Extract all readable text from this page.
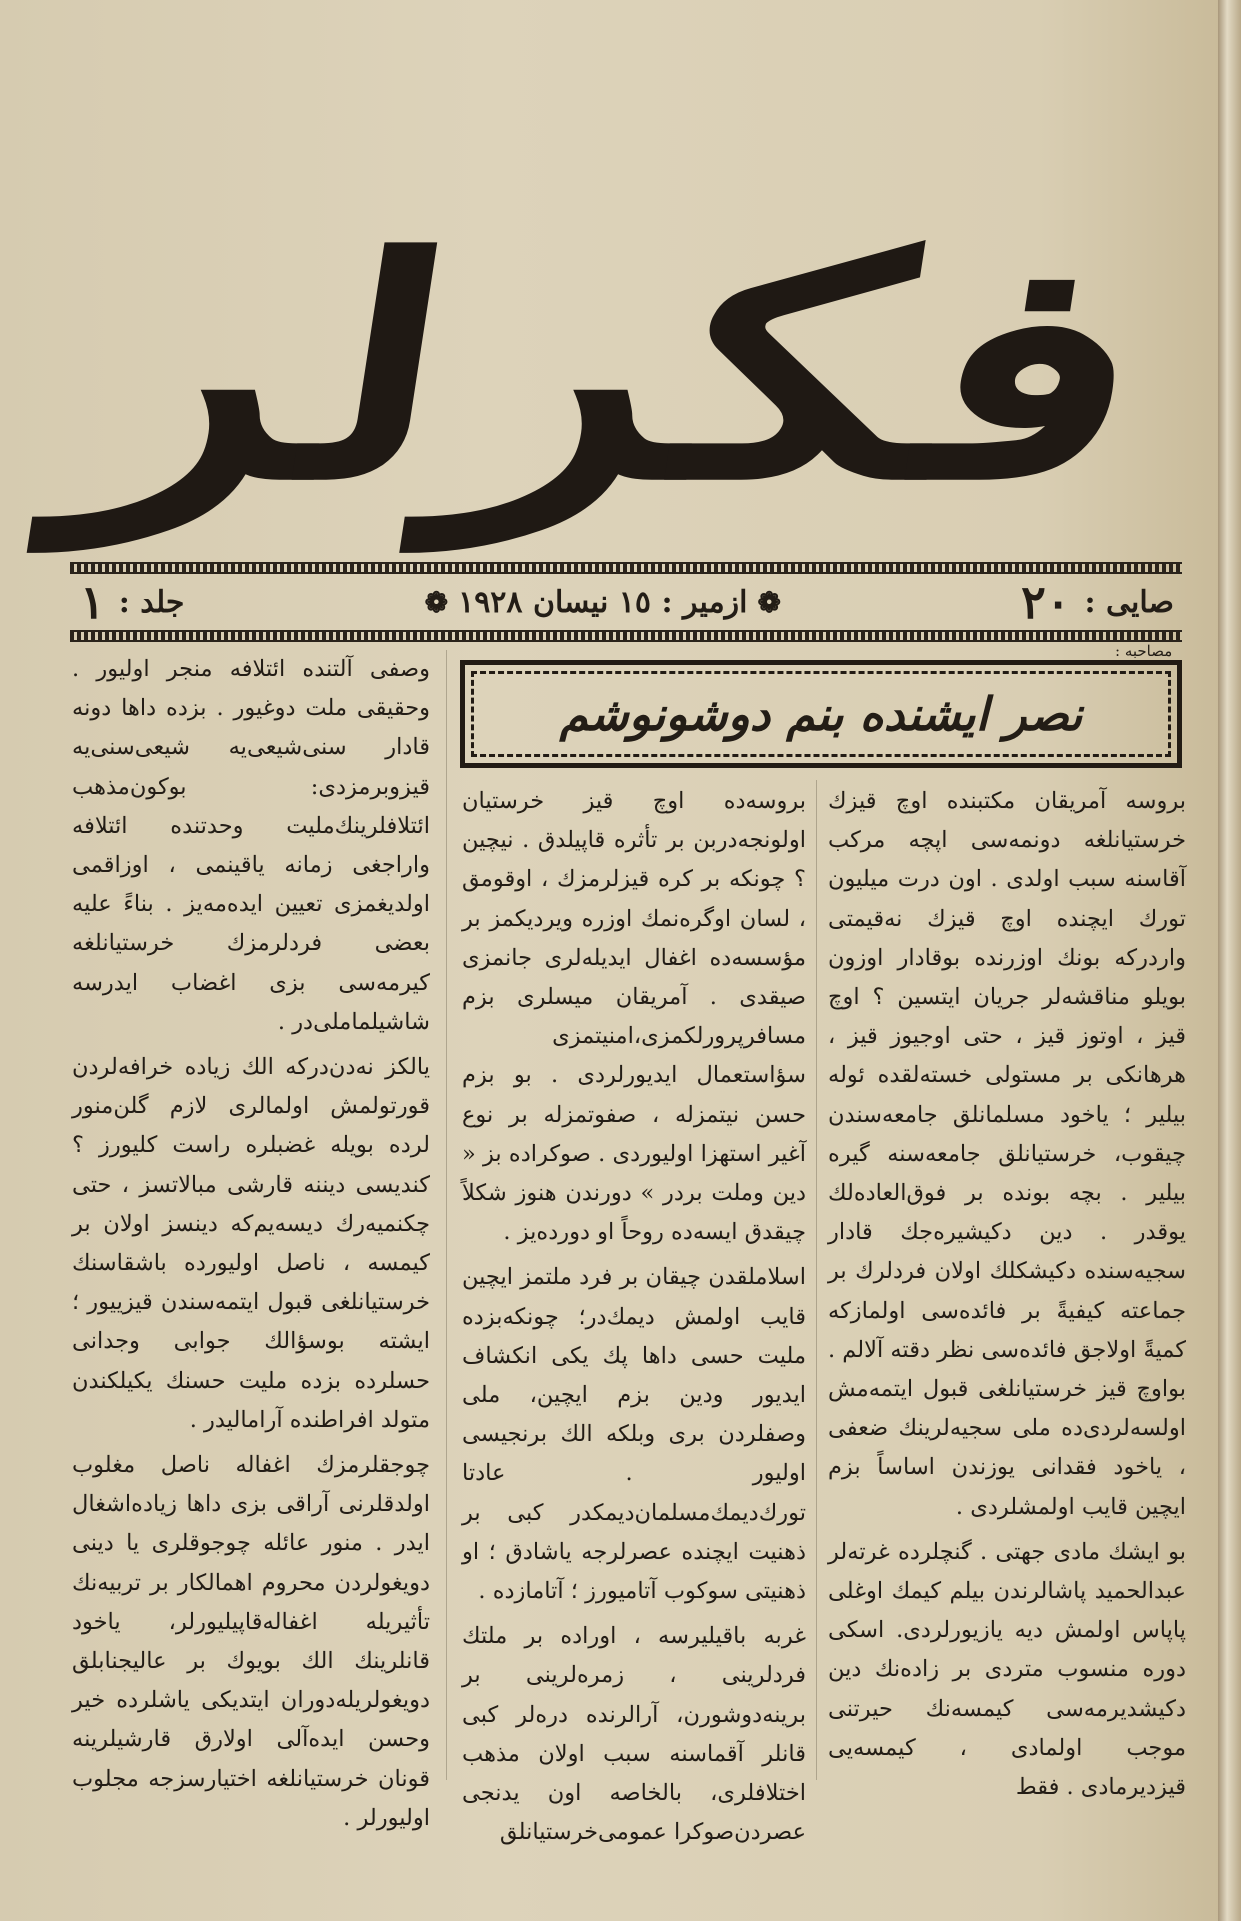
فکرلر
صایی :
٢٠
❁
ازمیر : ١٥ نیسان ١٩٢٨
❁
جلد :
١
مصاحبه :
نصر ایشنده بنم دوشونوشم

بروسه آمریقان مکتبنده اوچ قیزك خرستیانلغه دونمه‌سی اپچه مرکب آقاسنه سبب اولدی . اون درت میلیون تورك ایچنده اوچ قیزك نه‌قیمتی واردرکه بونك اوزرنده بوقادار اوزون بویلو مناقشه‌لر جریان ایتسین ؟ اوچ قیز ، اوتوز قیز ، حتی اوجیوز قیز ، هرهانکی بر مستولی خسته‌لقده ئوله بیلیر ؛ یاخود مسلمانلق جامعه‌سندن چیقوب، خرستیانلق جامعه‌سنه گیره بیلیر . بچه بونده بر فوق‌العاده‌لك یوقدر . دین دکیشیرەجك قادار سجیه‌سنده دکیشکلك اولان فردلرك بر جماعته کیفیةً بر فائده‌سی اولمازکه کمیةً اولاجق فائده‌سی نظر دقته آلالم . بواوچ قیز خرستیانلغی قبول ایتمه‌مش اولسه‌لردی‌ده ملی سجیه‌لرینك ضعفی ، یاخود فقدانی یوزندن اساساً بزم ایچین قایب اولمشلردی .

بو ایشك مادی جهتی . گنچلرده غرته‌لر عبدالحمید پاشالرندن بیلم کیمك اوغلی پاپاس اولمش دیه یازیورلردی. اسکی دوره منسوب متردی بر زاده‌نك دین دکیشدیرمه‌سی کیمسه‌نك حیرتنی موجب اولمادی ، کیمسه‌یی قیزدیرمادی . فقط

بروسه‌ده اوچ قیز خرستیان اولونجه‌دربن بر تأثره قاپیلدق . نیچین ؟ چونکه بر کره قیزلرمزك ، اوقومق ، لسان اوگرەنمك اوزره ویردیکمز بر مؤسسه‌ده اغفال ایدیله‌لری جانمزی صیقدی . آمریقان میسلری بزم مسافرپرورلکمزی،امنیتمزی سؤاستعمال ایدیورلردی . بو بزم حسن نیتمزله ، صفوتمزله بر نوع آغیر استهزا اولیوردی . صوکراده بز « دین وملت بردر » دورندن هنوز شکلاً چیقدق ایسه‌ده روحاً او دورده‌یز .

اسلاملقدن چیقان بر فرد ملتمز ایچین قایب اولمش دیمك‌در؛ چونکه‌بزده ملیت حسی داها پك یکی انکشاف ایدیور ودین بزم ایچین، ملی وصفلردن بری وبلکه الك برنجیسی اولیور . عادتا تورك‌دیمك‌مسلمان‌دیمکدر کبی بر ذهنیت ایچنده عصرلرجه یاشادق ؛ او ذهنیتی سوكوب آتامیورز ؛ آتامازده .

غربه باقیلیرسه ، اوراده بر ملتك فردلرینی ، زمره‌لرینی بر برینه‌دوشورن، آرالرنده دره‌لر کبی قانلر آقماسنه سبب اولان مذهب اختلافلری، بالخاصه اون یدنجی عصردن‌صوکرا عمومی‌خرستیانلق

وصفی آلتنده ائتلافه منجر اولیور . وحقیقی ملت دوغیور . بزده داها دونه قادار سنی‌شیعی‌یه شیعی‌سنی‌یه قیزوبرمزدی: بوکون‌مذهب ائتلافلرینك‌ملیت وحدتنده ائتلافه واراجغی زمانه یاقینمی ، اوزاقمی اولدیغمزی تعیین ایده‌مه‌یز . بناءً علیه بعضی فردلرمزك خرستیانلغه کیرمه‌سی بزی اغضاب ایدرسه شاشیلماملی‌در .

یالکز نه‌دن‌درکه الك زیاده خرافه‌لردن قورتولمش اولمالری لازم گلن‌منور لرده بویله غضبلره راست کلیورز ؟ کندیسی دیننه قارشی مبالاتسز ، حتی چکنمیه‌رك دیسه‌یم‌که دینسز اولان بر کیمسه ، ناصل اولیورده باشقاسنك خرستیانلغی قبول ایتمه‌سندن قیزییور ؛ ایشته بوسؤالك جوابی وجدانی حسلرده بزده ملیت حسنك یکیلکندن متولد افراطنده آرامالیدر .

چوجقلرمزك اغفاله ناصل مغلوب اولدقلرنی آراقی بزی داها زیاده‌اشغال ایدر . منور عائله چوجوقلری یا دینی دویغولردن محروم اهمالکار بر تربیه‌نك تأثیریله اغفاله‌قاپیلیورلر، یاخود قانلرینك الك بویوك بر عالیجنابلق دویغولریله‌دوران ایتدیکی یاشلرده خیر وحسن ایده‌آلی اولارق قارشیلرینه قونان خرستیانلغه اختیارسزجه مجلوب اولیورلر .
